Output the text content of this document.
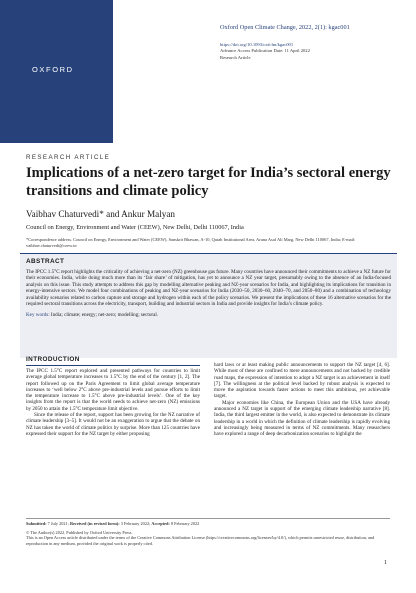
OXFORD
Oxford Open Climate Change, 2022, 2(1): kgac001
https://doi.org/10.1093/oxfclm/kgac001
Advance Access Publication Date: 11 April 2022
Research Article
RESEARCH ARTICLE
Implications of a net-zero target for India’s sectoral energy transitions and climate policy
Vaibhav Chaturvedi* and Ankur Malyan
Council on Energy, Environment and Water (CEEW), New Delhi, Delhi 110067, India
*Correspondence address. Council on Energy, Environment and Water (CEEW), Sanskrit Bhawan, A-10, Qutab Institutional Area, Aruna Asaf Ali Marg, New Delhi 110067, India; E-mail: vaibhav.chaturvedi@ceew.in
ABSTRACT
The IPCC 1.5°C report highlights the criticality of achieving a net-zero (NZ) greenhouse gas future. Many countries have announced their commitments to achieve a NZ future for their economies. India, while doing much more than its ‘fair share’ of mitigation, has yet to announce a NZ year target, presumably owing to the absence of an India-focused analysis on this issue. This study attempts to address this gap by modelling alternative peaking and NZ-year scenarios for India, and highlighting its implications for transition in energy-intensive sectors. We model four combinations of peaking and NZ-year scenarios for India (2030–50, 2030–60, 2040–70, and 2050–80) and a combination of technology availability scenarios related to carbon capture and storage and hydrogen within each of the policy scenarios. We present the implications of these 16 alternative scenarios for the required sectoral transitions across the electricity, transport, building and industrial sectors in India and provide insights for India’s climate policy.
Key words: India; climate; energy; net-zero; modelling; sectoral.
INTRODUCTION

The IPCC 1.5°C report explored and presented pathways for countries to limit average global temperature increases to 1.5°C by the end of the century [1, 2]. The report followed up on the Paris Agreement to limit global average temperature increases to ‘well below 2°C above pre-industrial levels and pursue efforts to limit the temperature increase to 1.5°C above pre-industrial levels’. One of the key insights from the report is that the world needs to achieve net-zero (NZ) emissions by 2050 to attain the 1.5°C temperature limit objective.

Since the release of the report, support has been growing for the NZ narrative of climate leadership [3–5]. It would not be an exaggeration to argue that the debate on NZ has taken the world of climate politics by surprise. More than 125 countries have expressed their support for the NZ target by either proposing

hard laws or at least making public announcements to support the NZ target [4, 6]. While most of these are confined to mere announcements and not backed by credible road maps, the expression of intention to adopt a NZ target is an achievement in itself [7]. The willingness at the political level backed by robust analysis is expected to move the aspiration towards faster actions to meet this ambitious, yet achievable target.

Major economies like China, the European Union and the USA have already announced a NZ target in support of the emerging climate leadership narrative [8]. India, the third largest emitter in the world, is also expected to demonstrate its climate leadership in a world in which the definition of climate leadership is rapidly evolving and increasingly being measured in terms of NZ commitments. Many researchers have explored a range of deep decarbonization scenarios to highlight the

Submitted: 7 July 2021; Received (in revised form): 3 February 2022; Accepted: 8 February 2022
© The Author(s) 2022. Published by Oxford University Press.
This is an Open Access article distributed under the terms of the Creative Commons Attribution License (https://creativecommons.org/licenses/by/4.0/), which permits unrestricted reuse, distribution, and reproduction in any medium, provided the original work is properly cited.
1
